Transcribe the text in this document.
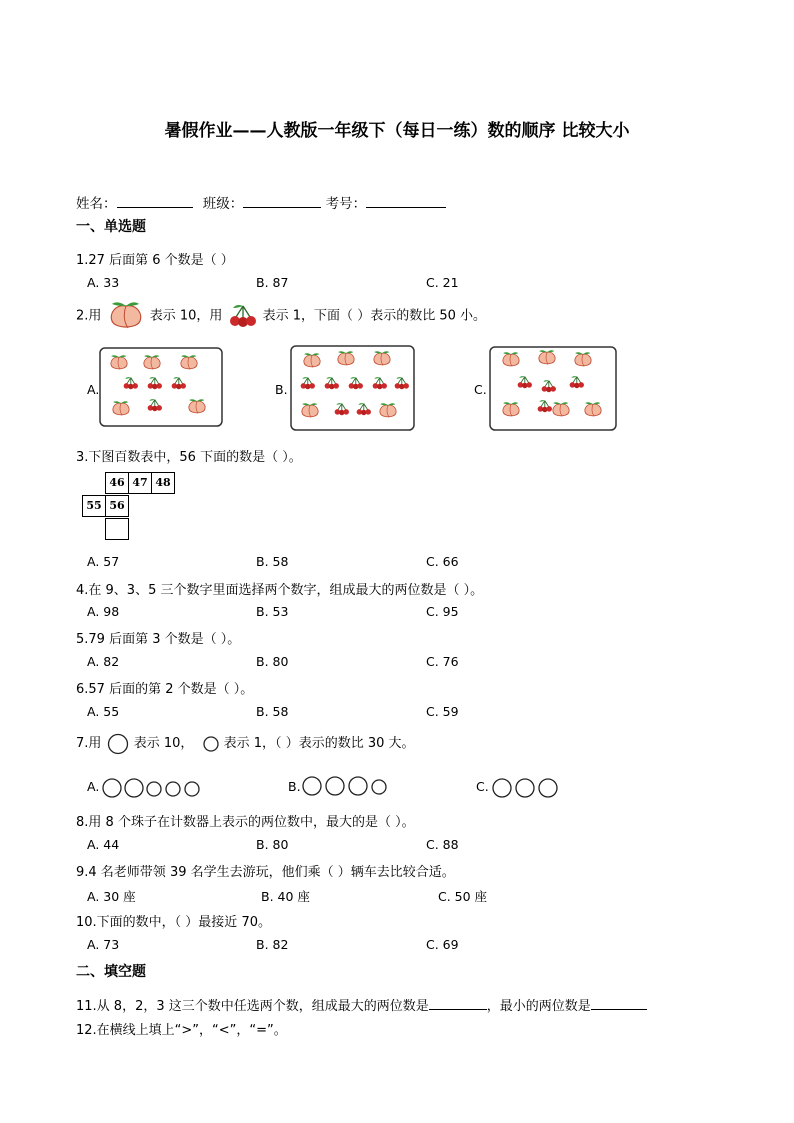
暑假作业——人教版一年级下（每日一练）数的顺序 比较大小
姓名：	班级：	考号：
一、单选题
1.27 后面第 6 个数是（ ）
A. 33	B. 87	C. 21
2.用	表示 10，用	表示 1，下面（ ）表示的数比 50 小。
A.	B.	C.
3.下图百数表中，56 下面的数是（ ）。
46 47 48
55 56
A. 57	B. 58	C. 66
4.在 9、3、5 三个数字里面选择两个数字，组成最大的两位数是（ ）。
A. 98	B. 53	C. 95
5.79 后面第 3 个数是（ ）。
A. 82	B. 80	C. 76
6.57 后面的第 2 个数是（ ）。
A. 55	B. 58	C. 59
7.用 表示 10， 表示 1，（ ）表示的数比 30 大。
A.	B.	C.
8.用 8 个珠子在计数器上表示的两位数中，最大的是（ ）。
A. 44	B. 80	C. 88
9.4 名老师带领 39 名学生去游玩，他们乘（ ）辆车去比较合适。
A. 30 座	B. 40 座	C. 50 座
10.下面的数中，（ ）最接近 70。
A. 73	B. 82	C. 69
二、填空题
11.从 8，2，3 这三个数中任选两个数，组成最大的两位数是	，最小的两位数是
12.在横线上填上“>”，“<”，“=”。
